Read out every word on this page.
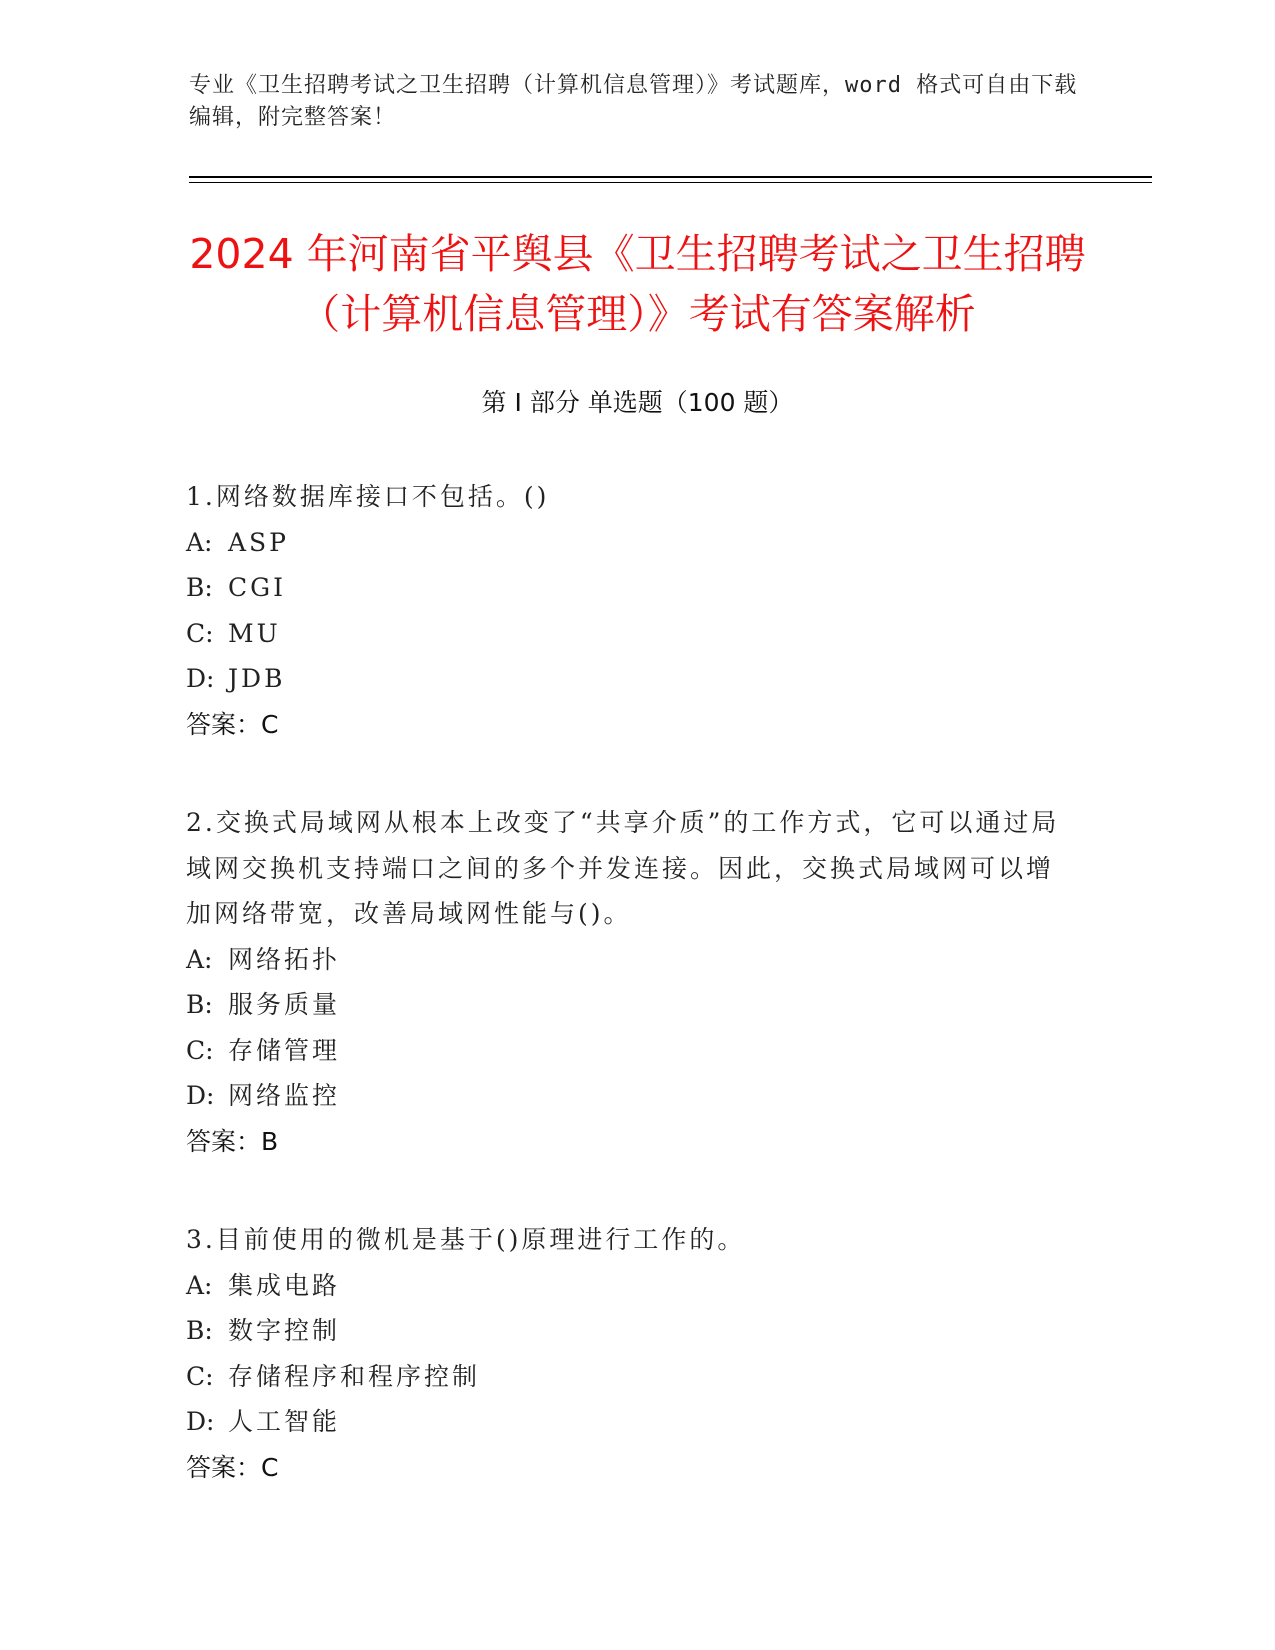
专业《卫生招聘考试之卫生招聘（计算机信息管理）》考试题库，word 格式可自由下载编辑，附完整答案！
2024 年河南省平舆县《卫生招聘考试之卫生招聘（计算机信息管理）》考试有答案解析
第 I 部分 单选题（100 题）
1.网络数据库接口不包括。()
A: ASP
B: CGI
C: MU
D: JDB
答案：C
2.交换式局域网从根本上改变了“共享介质”的工作方式，它可以通过局域网交换机支持端口之间的多个并发连接。因此，交换式局域网可以增加网络带宽，改善局域网性能与()。
A: 网络拓扑
B: 服务质量
C: 存储管理
D: 网络监控
答案：B
3.目前使用的微机是基于()原理进行工作的。
A: 集成电路
B: 数字控制
C: 存储程序和程序控制
D: 人工智能
答案：C
